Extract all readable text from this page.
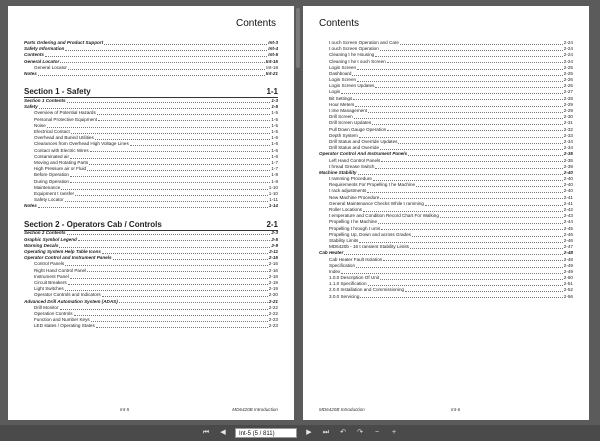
Contents
Parts Ordering and Product Support	Int-3
Safety Information	Int-4
Contents	Int-5
General Locator	Int-15
General Locator	Int-18
Notes	Int-21
Section 1 - Safety	1-1
Section 1 Contents	1-3
Safety	1-5
Overview of Potential Hazards	1-5
Personal Protective Equipment	1-5
Noise	1-5
Electrical Contact	1-5
Overhead and Buried Utilities	1-6
Clearances from Overhead High Voltage Lines	1-6
Contact with Electric Wires	1-6
Contaminated air	1-6
Moving and Rotating Parts	1-7
High Pressure air or Fluid	1-7
Before Operation	1-8
During Operation	1-8
Maintenance	1-10
Equipment t ransfer	1-10
Safety Locator	1-11
Notes	1-14
Section 2 - Operators Cab / Controls	2-1
Section 2 Contents	2-3
Graphic Symbol Legend	2-5
Warning Decals	2-9
Operating System Help Table Icons	2-11
Operator Control and Instrument Panels	2-15
Control Panels	2-16
Right Hand Control Panel	2-16
Instrument Panel	2-18
Circuit Breakers	2-19
Light Switches	2-19
Operator Controls and Indicators	2-20
Advanced Drill Automation System (ADAS)	2-21
Drill Monitor	2-22
Operation Controls	2-22
Function and Number Keys	2-23
LED states / Operating States	2-23
Int-5	MD6420B Introduction
Contents
t ouch Screen Operation and Care	2-24
t ouch Screen Operation	2-24
Cleaning t he Housing	2-24
Cleaning t he t ouch Screen	2-24
Login Screen	2-25
Dashboard	2-25
Login Screen	2-26
Login Screen Updates	2-26
Login	2-27
Bit Settings	2-28
Hour Meters	2-29
t ime Management	2-29
Drill Screen	2-30
Drill Screen Updates	2-31
Pull Down Gauge Operation	2-32
Depth System	2-33
Drill Status and Override Updates	2-34
Drill Status and Override	2-34
Operator Control And Instrument Panels	2-35
Left Hand Control Panels	2-35
t hread Grease Switch	2-39
Machine Stability	2-40
t ramming Procedure	2-40
Requirements For Propelling t he Machine	2-40
t rack adjustments	2-40
New Machine Procedure	2-41
General Maintenance Checks While t ramming	2-41
Roller Locations	2-42
t emperature and Condition Record Chart For Walking	2-43
Propelling t he Machine	2-44
Propelling t hrough t urns	2-45
Propelling Up, Down and across Grades	2-46
Stability Limits	2-46
MD6420b - 16 t ransient Stability Limits	2-47
Cab Heater	2-48
Cab Heater Fault Isolation	2-48
Specification	2-49
Index	2-49
1.0.0 Description Of Unit	2-50
1.1.0 Specification	2-51
2.0.0 Installation and Commissioning	2-52
3.0.0 Servicing	2-56
MD6420B Introduction	Int-6
⏮	◀	Int-5 (5 / 811)	▶	⏭ ↶ ↷	−	+
